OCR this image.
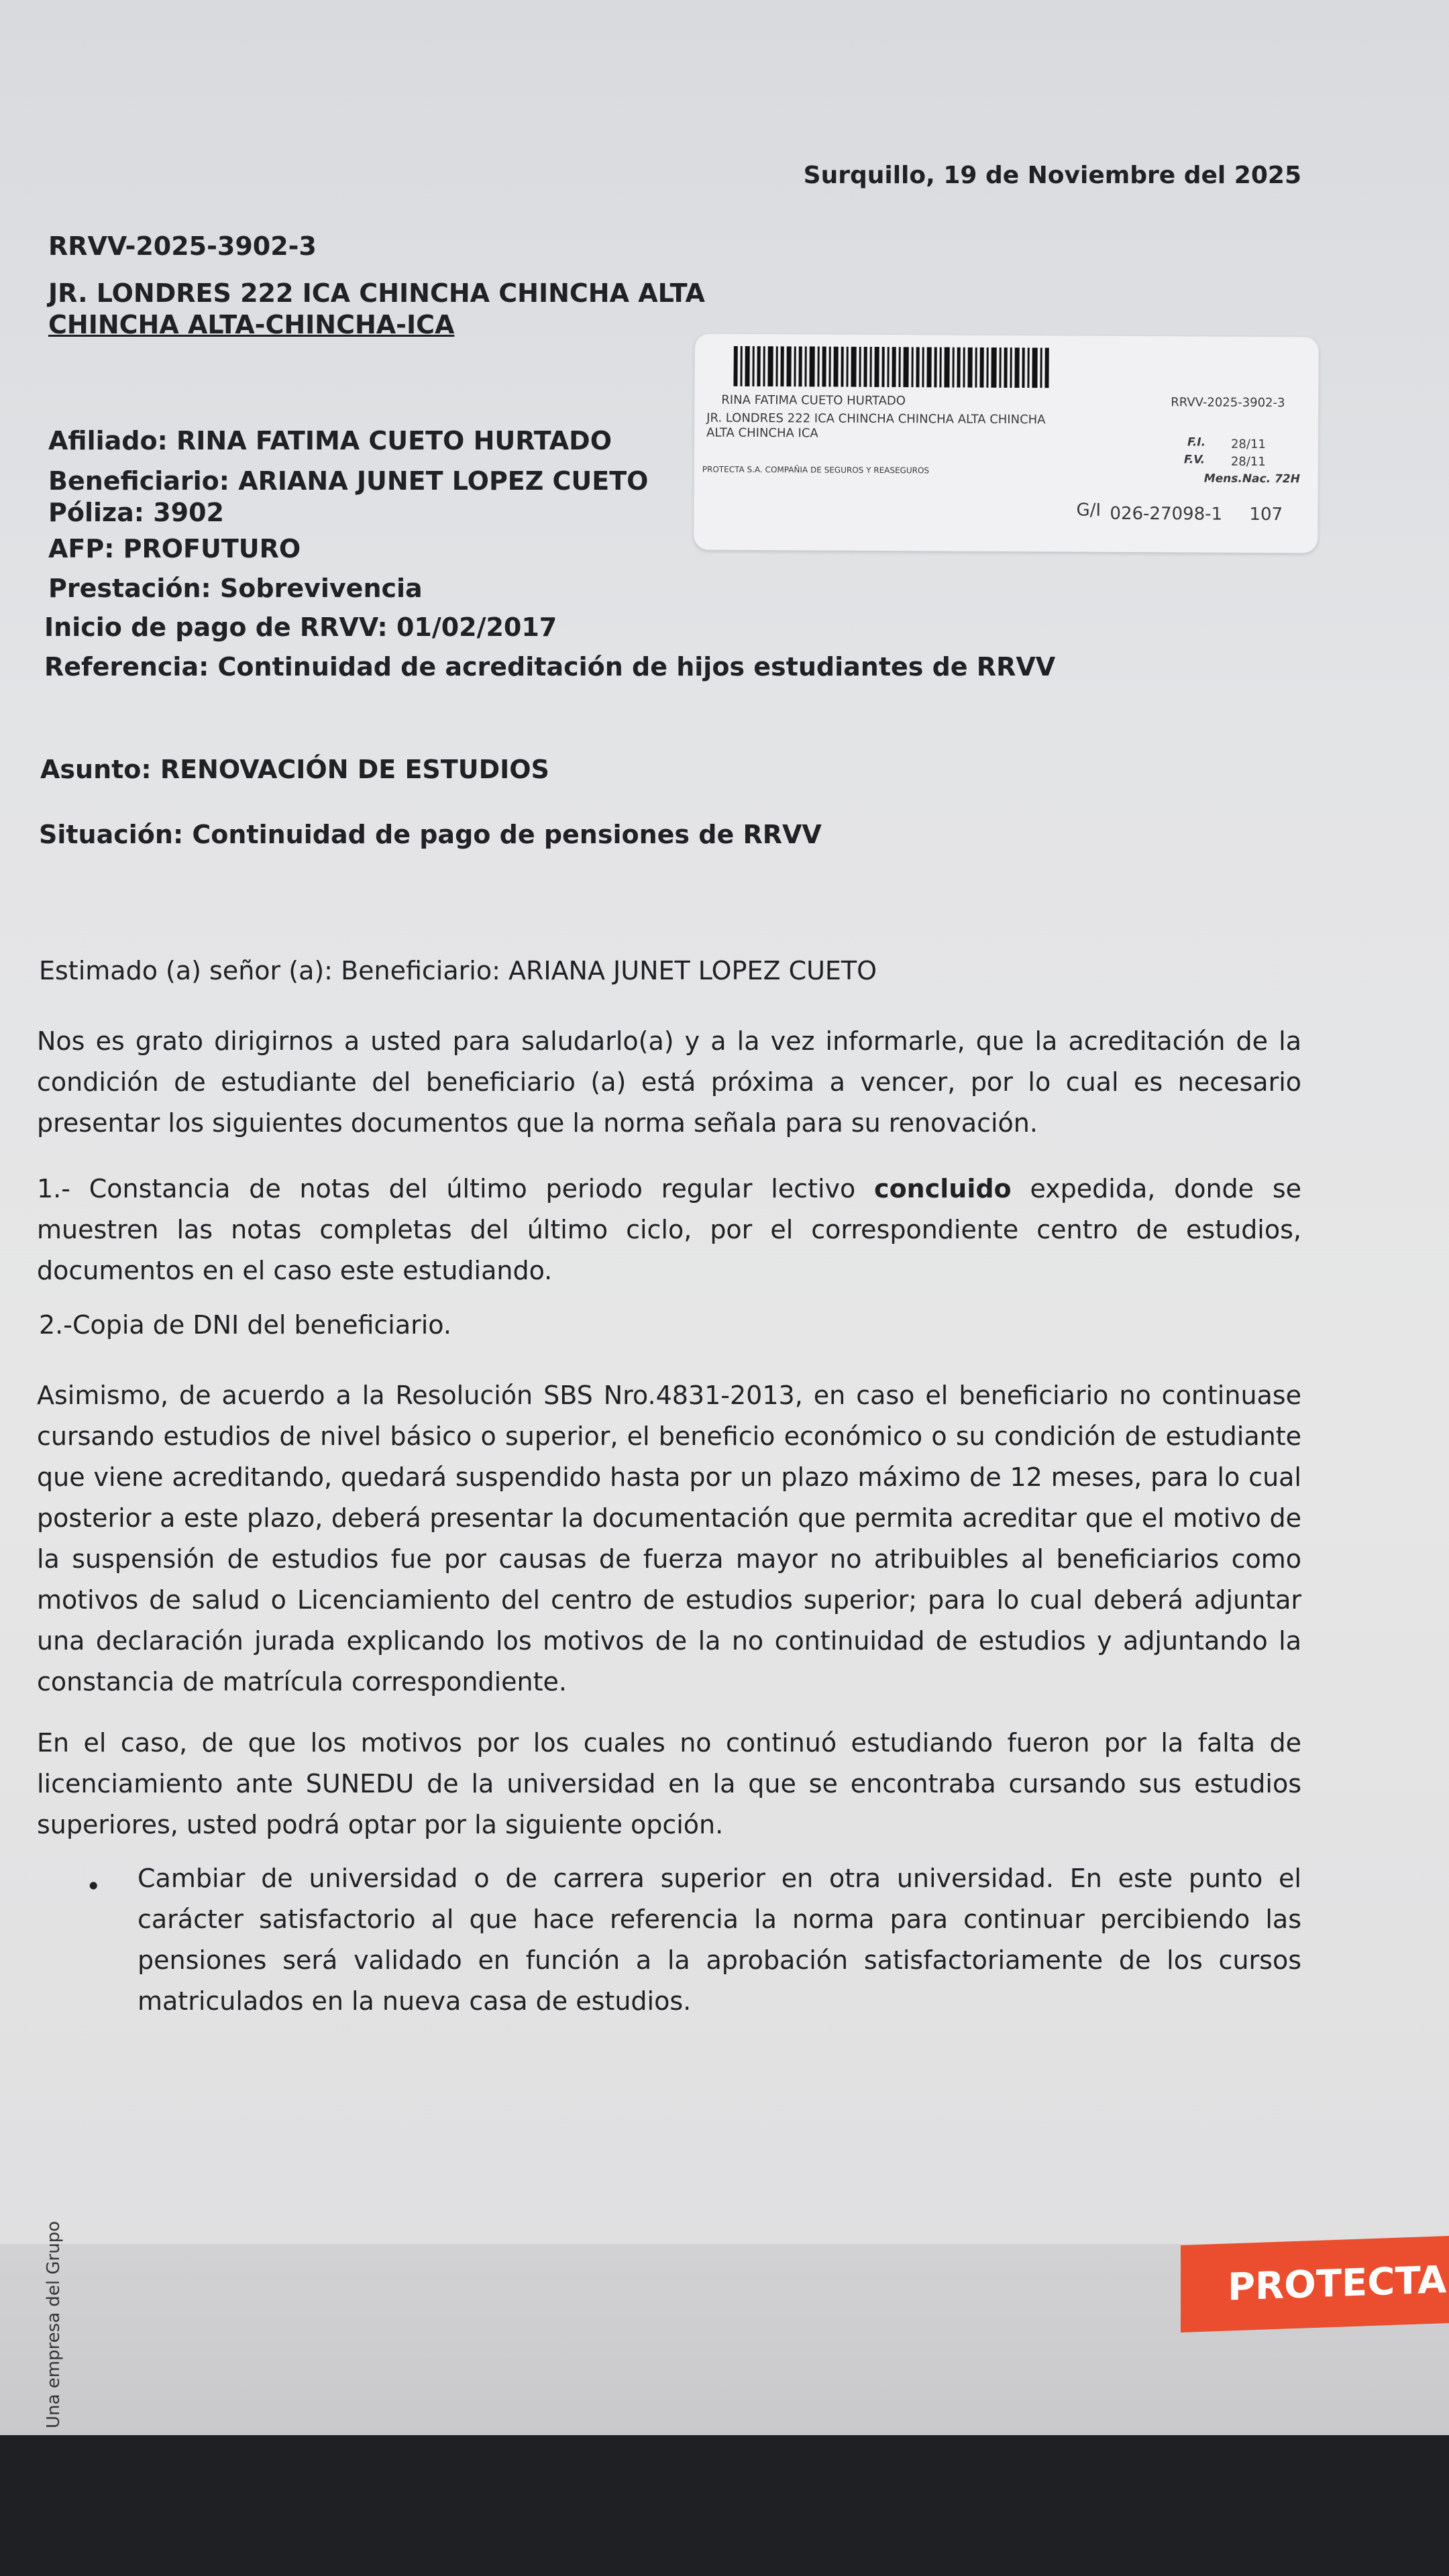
Surquillo, 19 de Noviembre del 2025
RRVV-2025-3902-3
JR. LONDRES 222 ICA CHINCHA CHINCHA ALTA
CHINCHA ALTA-CHINCHA-ICA
RINA FATIMA CUETO HURTADO	RRVV-2025-3902-3
JR. LONDRES 222 ICA CHINCHA CHINCHA ALTA CHINCHA
ALTA CHINCHA ICA
PROTECTA S.A. COMPAÑIA DE SEGUROS Y REASEGUROS
F.I. 28/11
F.V. 28/11
Mens.Nac. 72H
G/I 026-27098-1 107
Afiliado: RINA FATIMA CUETO HURTADO
Beneficiario: ARIANA JUNET LOPEZ CUETO
Póliza: 3902
AFP: PROFUTURO
Prestación: Sobrevivencia
Inicio de pago de RRVV: 01/02/2017
Referencia: Continuidad de acreditación de hijos estudiantes de RRVV
Asunto: RENOVACIÓN DE ESTUDIOS
Situación: Continuidad de pago de pensiones de RRVV
Estimado (a) señor (a): Beneficiario: ARIANA JUNET LOPEZ CUETO
Nos es grato dirigirnos a usted para saludarlo(a) y a la vez informarle, que la acreditación de la condición de estudiante del beneficiario (a) está próxima a vencer, por lo cual es necesario presentar los siguientes documentos que la norma señala para su renovación.
1.- Constancia de notas del último periodo regular lectivo concluido expedida, donde se muestren las notas completas del último ciclo, por el correspondiente centro de estudios, documentos en el caso este estudiando.
2.-Copia de DNI del beneficiario.
Asimismo, de acuerdo a la Resolución SBS Nro.4831-2013, en caso el beneficiario no continuase cursando estudios de nivel básico o superior, el beneficio económico o su condición de estudiante que viene acreditando, quedará suspendido hasta por un plazo máximo de 12 meses, para lo cual posterior a este plazo, deberá presentar la documentación que permita acreditar que el motivo de la suspensión de estudios fue por causas de fuerza mayor no atribuibles al beneficiarios como motivos de salud o Licenciamiento del centro de estudios superior; para lo cual deberá adjuntar una declaración jurada explicando los motivos de la no continuidad de estudios y adjuntando la constancia de matrícula correspondiente.
En el caso, de que los motivos por los cuales no continuó estudiando fueron por la falta de licenciamiento ante SUNEDU de la universidad en la que se encontraba cursando sus estudios superiores, usted podrá optar por la siguiente opción.
• Cambiar de universidad o de carrera superior en otra universidad. En este punto el carácter satisfactorio al que hace referencia la norma para continuar percibiendo las pensiones será validado en función a la aprobación satisfactoriamente de los cursos matriculados en la nueva casa de estudios.
PROTECTA
Una empresa del Grupo
